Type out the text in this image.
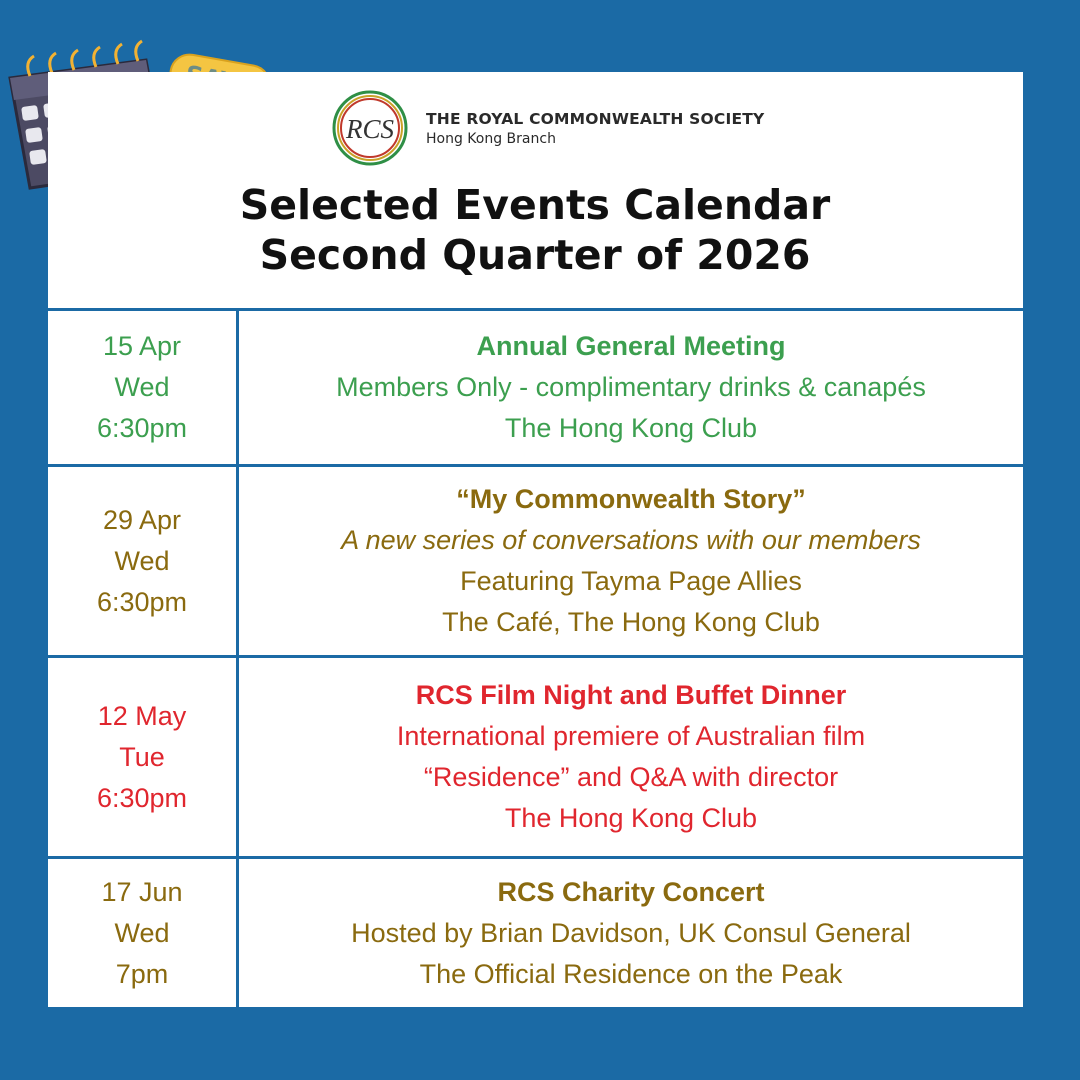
RCS THE ROYAL COMMONWEALTH SOCIETY
Hong Kong Branch
Selected Events Calendar
Second Quarter of 2026
15 Apr
Wed
6:30pm
Annual General Meeting
Members Only - complimentary drinks & canapés
The Hong Kong Club
29 Apr
Wed
6:30pm
“My Commonwealth Story”
A new series of conversations with our members
Featuring Tayma Page Allies
The Café, The Hong Kong Club
12 May
Tue
6:30pm
RCS Film Night and Buffet Dinner
International premiere of Australian film
“Residence” and Q&A with director
The Hong Kong Club
17 Jun
Wed
7pm
RCS Charity Concert
Hosted by Brian Davidson, UK Consul General
The Official Residence on the Peak
